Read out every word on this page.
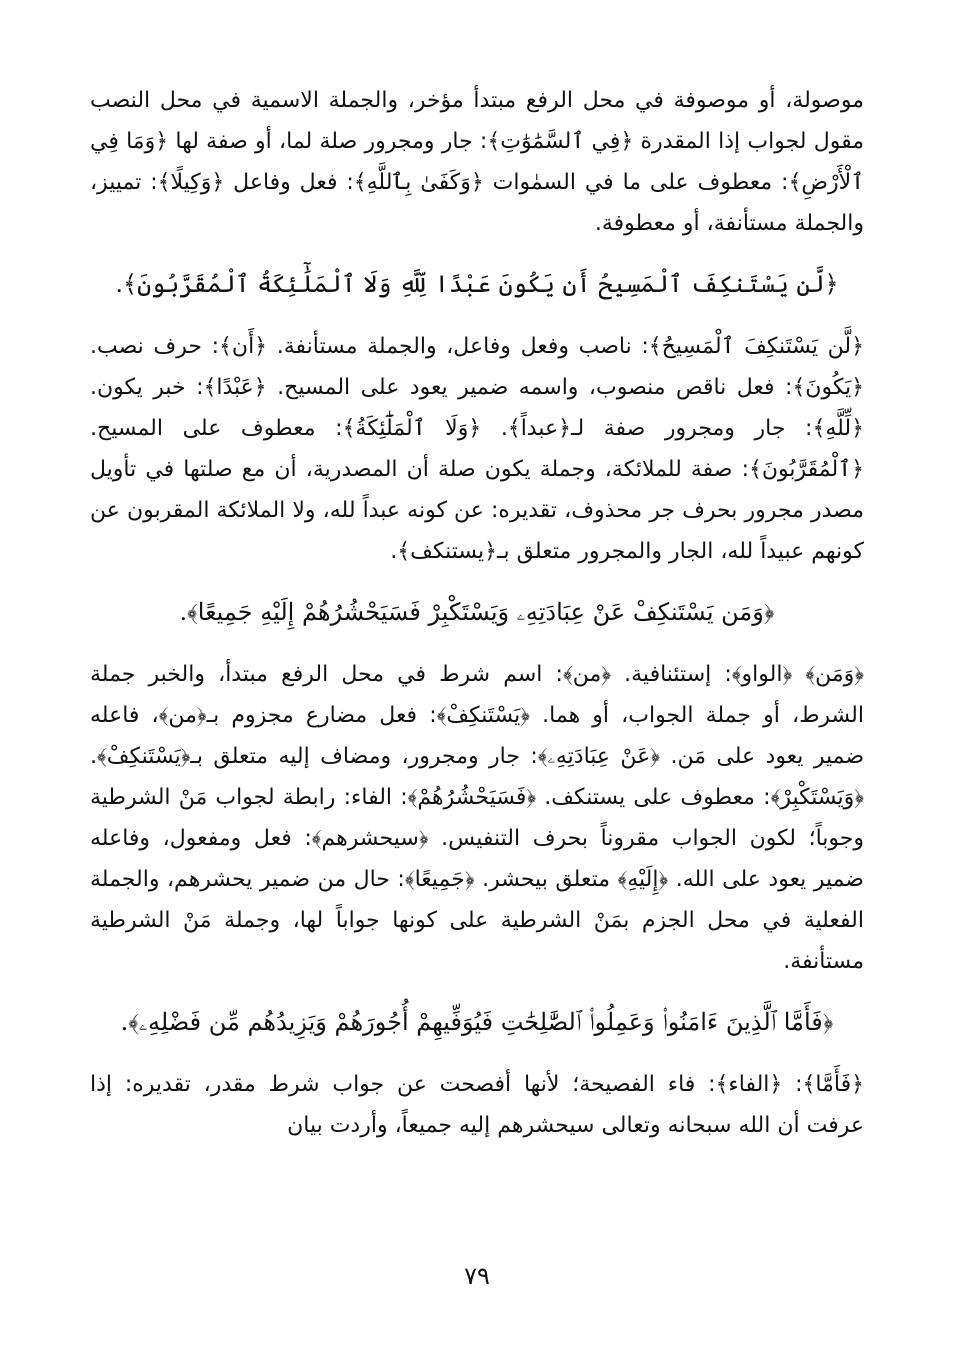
موصولة، أو موصوفة في محل الرفع مبتدأ مؤخر، والجملة الاسمية في محل النصب مقول لجواب إذا المقدرة ﴿فِي ٱلسَّمَٰوَٰتِ﴾: جار ومجرور صلة لما، أو صفة لها ﴿وَمَا فِي ٱلْأَرْضِ﴾: معطوف على ما في السمٰوات ﴿وَكَفَىٰ بِٱللَّهِ﴾: فعل وفاعل ﴿وَكِيلًا﴾: تمييز، والجملة مستأنفة، أو معطوفة.

﴿لَّن يَسْتَنكِفَ ٱلْمَسِيحُ أَن يَكُونَ عَبْدًا لِّلَّهِ وَلَا ٱلْمَلَٰٓئِكَةُ ٱلْمُقَرَّبُونَ﴾.

﴿لَّن يَسْتَنكِفَ ٱلْمَسِيحُ﴾: ناصب وفعل وفاعل، والجملة مستأنفة. ﴿أَن﴾: حرف نصب. ﴿يَكُونَ﴾: فعل ناقص منصوب، واسمه ضمير يعود على المسيح. ﴿عَبْدًا﴾: خبر يكون. ﴿لِّلَّهِ﴾: جار ومجرور صفة لـ﴿عبداً﴾. ﴿وَلَا ٱلْمَلَٰٓئِكَةُ﴾: معطوف على المسيح. ﴿ٱلْمُقَرَّبُونَ﴾: صفة للملائكة، وجملة يكون صلة أن المصدرية، أن مع صلتها في تأويل مصدر مجرور بحرف جر محذوف، تقديره: عن كونه عبداً لله، ولا الملائكة المقربون عن كونهم عبيداً لله، الجار والمجرور متعلق بـ﴿يستنكف﴾.

﴿وَمَن يَسْتَنكِفْ عَنْ عِبَادَتِهِۦ وَيَسْتَكْبِرْ فَسَيَحْشُرُهُمْ إِلَيْهِ جَمِيعًا﴾.

﴿وَمَن﴾ ﴿الواو﴾: إستئنافية. ﴿من﴾: اسم شرط في محل الرفع مبتدأ، والخبر جملة الشرط، أو جملة الجواب، أو هما. ﴿يَسْتَنكِفْ﴾: فعل مضارع مجزوم بـ﴿من﴾، فاعله ضمير يعود على مَن. ﴿عَنْ عِبَادَتِهِۦ﴾: جار ومجرور، ومضاف إليه متعلق بـ﴿يَسْتَنكِفْ﴾. ﴿وَيَسْتَكْبِرْ﴾: معطوف على يستنكف. ﴿فَسَيَحْشُرُهُمْ﴾: الفاء: رابطة لجواب مَنْ الشرطية وجوباً؛ لكون الجواب مقروناً بحرف التنفيس. ﴿سيحشرهم﴾: فعل ومفعول، وفاعله ضمير يعود على الله. ﴿إِلَيْهِ﴾ متعلق بيحشر. ﴿جَمِيعًا﴾: حال من ضمير يحشرهم، والجملة الفعلية في محل الجزم بمَنْ الشرطية على كونها جواباً لها، وجملة مَنْ الشرطية مستأنفة.

﴿فَأَمَّا ٱلَّذِينَ ءَامَنُوا۟ وَعَمِلُوا۟ ٱلصَّٰلِحَٰتِ فَيُوَفِّيهِمْ أُجُورَهُمْ وَيَزِيدُهُم مِّن فَضْلِهِۦ﴾.

﴿فَأَمَّا﴾: ﴿الفاء﴾: فاء الفصيحة؛ لأنها أفصحت عن جواب شرط مقدر، تقديره: إذا عرفت أن الله سبحانه وتعالى سيحشرهم إليه جميعاً، وأردت بيان

٧٩
